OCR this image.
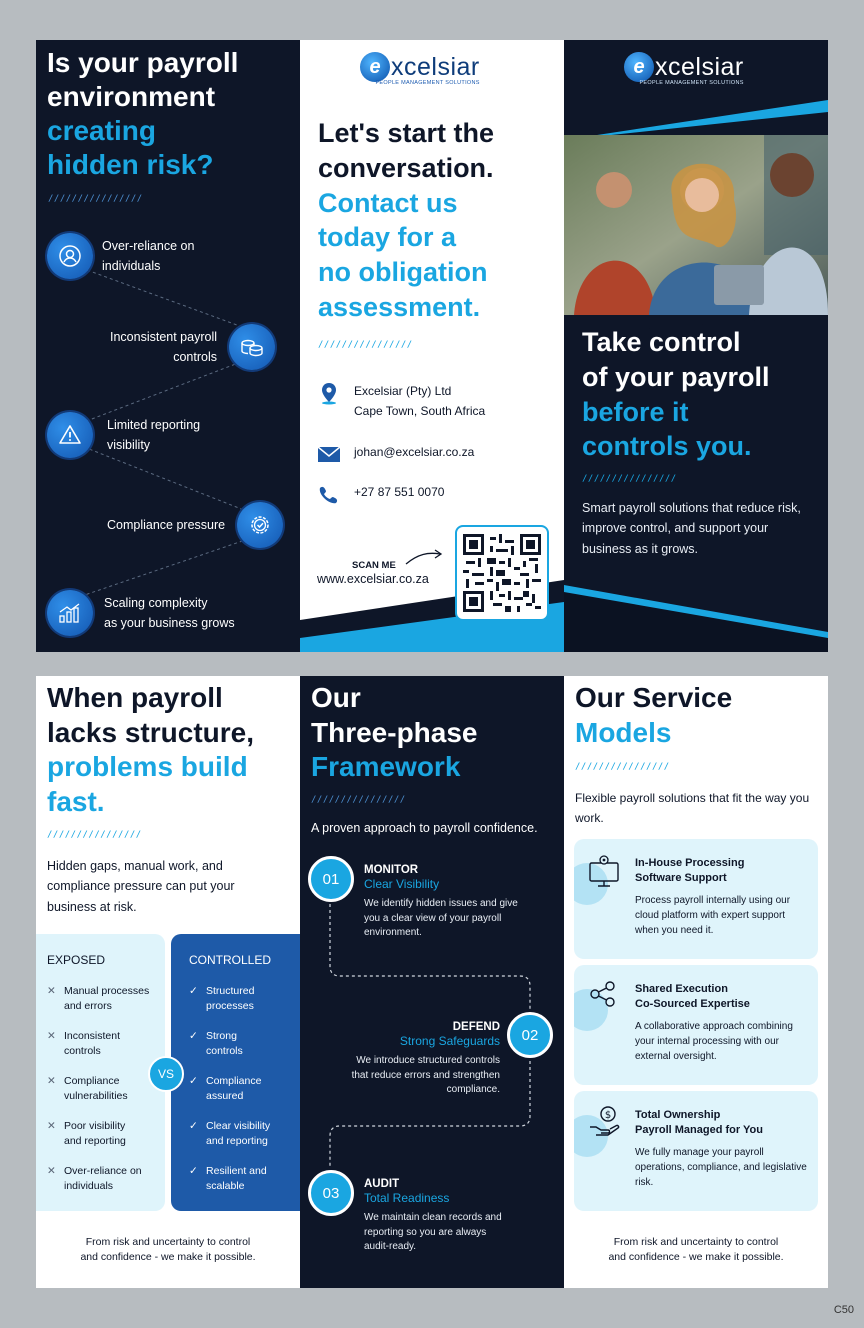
Is your payroll
environment
creating
hidden risk?
////////////////
Over-reliance on
individuals
Inconsistent payroll
controls
Limited reporting
visibility
Compliance pressure
Scaling complexity
as your business grows
e xcelsiar
PEOPLE MANAGEMENT SOLUTIONS
Let's start the
conversation.
Contact us
today for a
no obligation
assessment.
////////////////
Excelsiar (Pty) Ltd
Cape Town, South Africa
johan@excelsiar.co.za
+27 87 551 0070
SCAN ME
www.excelsiar.co.za
e xcelsiar
PEOPLE MANAGEMENT SOLUTIONS
Take control
of your payroll
before it
controls you.
////////////////
Smart payroll solutions that reduce risk, improve control, and support your business as it grows.
When payroll
lacks structure,
problems build
fast.
////////////////
Hidden gaps, manual work, and compliance pressure can put your business at risk.
EXPOSED
✕ Manual processes
and errors
✕ Inconsistent
controls
✕ Compliance
vulnerabilities
✕ Poor visibility
and reporting
✕ Over-reliance on
individuals
CONTROLLED
✓ Structured
processes
✓ Strong
controls
✓ Compliance
assured
✓ Clear visibility
and reporting
✓ Resilient and
scalable
VS
From risk and uncertainty to control
and confidence - we make it possible.
Our
Three-phase
Framework
////////////////
A proven approach to payroll confidence.
01
MONITOR
Clear Visibility
We identify hidden issues and give
you a clear view of your payroll
environment.
02
DEFEND
Strong Safeguards
We introduce structured controls
that reduce errors and strengthen
compliance.
03
AUDIT
Total Readiness
We maintain clean records and
reporting so you are always
audit-ready.
Our Service
Models
////////////////
Flexible payroll solutions that fit the way you work.
In-House Processing
Software Support
Process payroll internally using our cloud platform with expert support when you need it.
Shared Execution
Co-Sourced Expertise
A collaborative approach combining your internal processing with our external oversight.
$ Total Ownership
Payroll Managed for You
We fully manage your payroll operations, compliance, and legislative risk.
From risk and uncertainty to control
and confidence - we make it possible.
C50
